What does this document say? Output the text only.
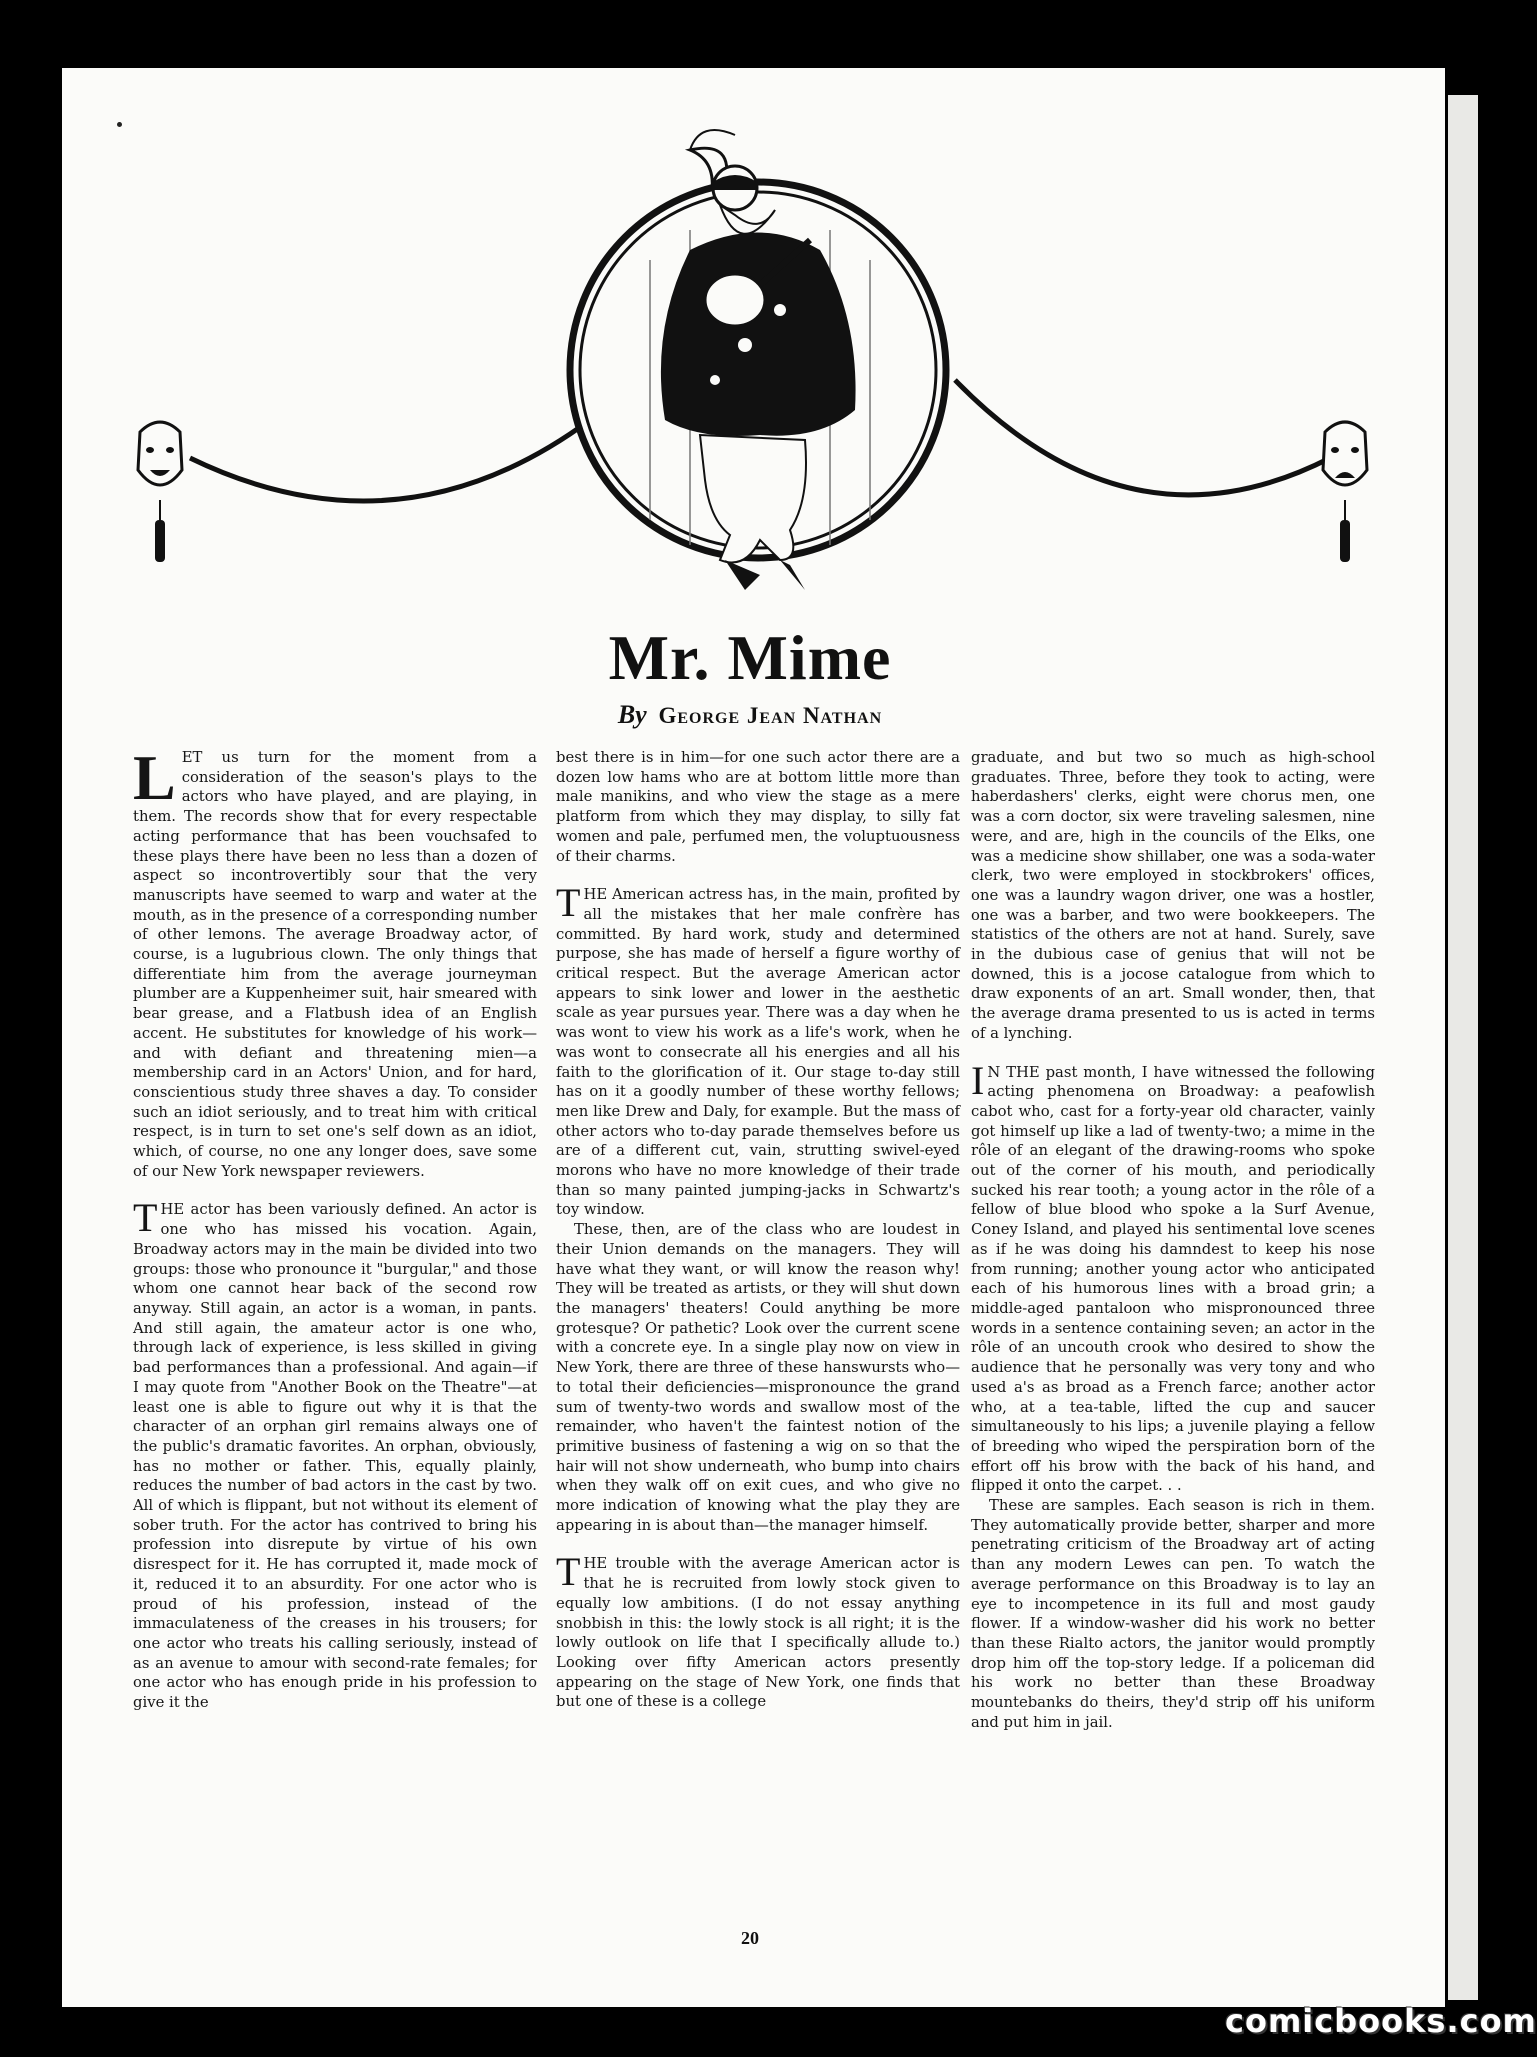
Mr. Mime
By George Jean Nathan

LET us turn for the moment from a consideration of the season's plays to the actors who have played, and are playing, in them. The records show that for every respectable acting performance that has been vouchsafed to these plays there have been no less than a dozen of aspect so incontrovertibly sour that the very manuscripts have seemed to warp and water at the mouth, as in the presence of a corresponding number of other lemons. The average Broadway actor, of course, is a lugubrious clown. The only things that differentiate him from the average journeyman plumber are a Kuppenheimer suit, hair smeared with bear grease, and a Flatbush idea of an English accent. He substitutes for knowledge of his work—and with defiant and threatening mien—a membership card in an Actors' Union, and for hard, conscientious study three shaves a day. To consider such an idiot seriously, and to treat him with critical respect, is in turn to set one's self down as an idiot, which, of course, no one any longer does, save some of our New York newspaper reviewers.

THE actor has been variously defined. An actor is one who has missed his vocation. Again, Broadway actors may in the main be divided into two groups: those who pronounce it "burgular," and those whom one cannot hear back of the second row anyway. Still again, an actor is a woman, in pants. And still again, the amateur actor is one who, through lack of experience, is less skilled in giving bad performances than a professional. And again—if I may quote from "Another Book on the Theatre"—at least one is able to figure out why it is that the character of an orphan girl remains always one of the public's dramatic favorites. An orphan, obviously, has no mother or father. This, equally plainly, reduces the number of bad actors in the cast by two. All of which is flippant, but not without its element of sober truth. For the actor has contrived to bring his profession into disrepute by virtue of his own disrespect for it. He has corrupted it, made mock of it, reduced it to an absurdity. For one actor who is proud of his profession, instead of the immaculateness of the creases in his trousers; for one actor who treats his calling seriously, instead of as an avenue to amour with second-rate females; for one actor who has enough pride in his profession to give it the

best there is in him—for one such actor there are a dozen low hams who are at bottom little more than male manikins, and who view the stage as a mere platform from which they may display, to silly fat women and pale, perfumed men, the voluptuousness of their charms.

THE American actress has, in the main, profited by all the mistakes that her male confrère has committed. By hard work, study and determined purpose, she has made of herself a figure worthy of critical respect. But the average American actor appears to sink lower and lower in the aesthetic scale as year pursues year. There was a day when he was wont to view his work as a life's work, when he was wont to consecrate all his energies and all his faith to the glorification of it. Our stage to-day still has on it a goodly number of these worthy fellows; men like Drew and Daly, for example. But the mass of other actors who to-day parade themselves before us are of a different cut, vain, strutting swivel-eyed morons who have no more knowledge of their trade than so many painted jumping-jacks in Schwartz's toy window.

These, then, are of the class who are loudest in their Union demands on the managers. They will have what they want, or will know the reason why! They will be treated as artists, or they will shut down the managers' theaters! Could anything be more grotesque? Or pathetic? Look over the current scene with a concrete eye. In a single play now on view in New York, there are three of these hanswursts who—to total their deficiencies—mispronounce the grand sum of twenty-two words and swallow most of the remainder, who haven't the faintest notion of the primitive business of fastening a wig on so that the hair will not show underneath, who bump into chairs when they walk off on exit cues, and who give no more indication of knowing what the play they are appearing in is about than—the manager himself.

THE trouble with the average American actor is that he is recruited from lowly stock given to equally low ambitions. (I do not essay anything snobbish in this: the lowly stock is all right; it is the lowly outlook on life that I specifically allude to.) Looking over fifty American actors presently appearing on the stage of New York, one finds that but one of these is a college

graduate, and but two so much as high-school graduates. Three, before they took to acting, were haberdashers' clerks, eight were chorus men, one was a corn doctor, six were traveling salesmen, nine were, and are, high in the councils of the Elks, one was a medicine show shillaber, one was a soda-water clerk, two were employed in stockbrokers' offices, one was a laundry wagon driver, one was a hostler, one was a barber, and two were bookkeepers. The statistics of the others are not at hand. Surely, save in the dubious case of genius that will not be downed, this is a jocose catalogue from which to draw exponents of an art. Small wonder, then, that the average drama presented to us is acted in terms of a lynching.

I N THE past month, I have witnessed the following acting phenomena on Broadway: a peafowlish cabot who, cast for a forty-year old character, vainly got himself up like a lad of twenty-two; a mime in the rôle of an elegant of the drawing-rooms who spoke out of the corner of his mouth, and periodically sucked his rear tooth; a young actor in the rôle of a fellow of blue blood who spoke a la Surf Avenue, Coney Island, and played his sentimental love scenes as if he was doing his damndest to keep his nose from running; another young actor who anticipated each of his humorous lines with a broad grin; a middle-aged pantaloon who mispronounced three words in a sentence containing seven; an actor in the rôle of an uncouth crook who desired to show the audience that he personally was very tony and who used a's as broad as a French farce; another actor who, at a tea-table, lifted the cup and saucer simultaneously to his lips; a juvenile playing a fellow of breeding who wiped the perspiration born of the effort off his brow with the back of his hand, and flipped it onto the carpet. . .

These are samples. Each season is rich in them. They automatically provide better, sharper and more penetrating criticism of the Broadway art of acting than any modern Lewes can pen. To watch the average performance on this Broadway is to lay an eye to incompetence in its full and most gaudy flower. If a window-washer did his work no better than these Rialto actors, the janitor would promptly drop him off the top-story ledge. If a policeman did his work no better than these Broadway mountebanks do theirs, they'd strip off his uniform and put him in jail.

20
comicbooks.com
